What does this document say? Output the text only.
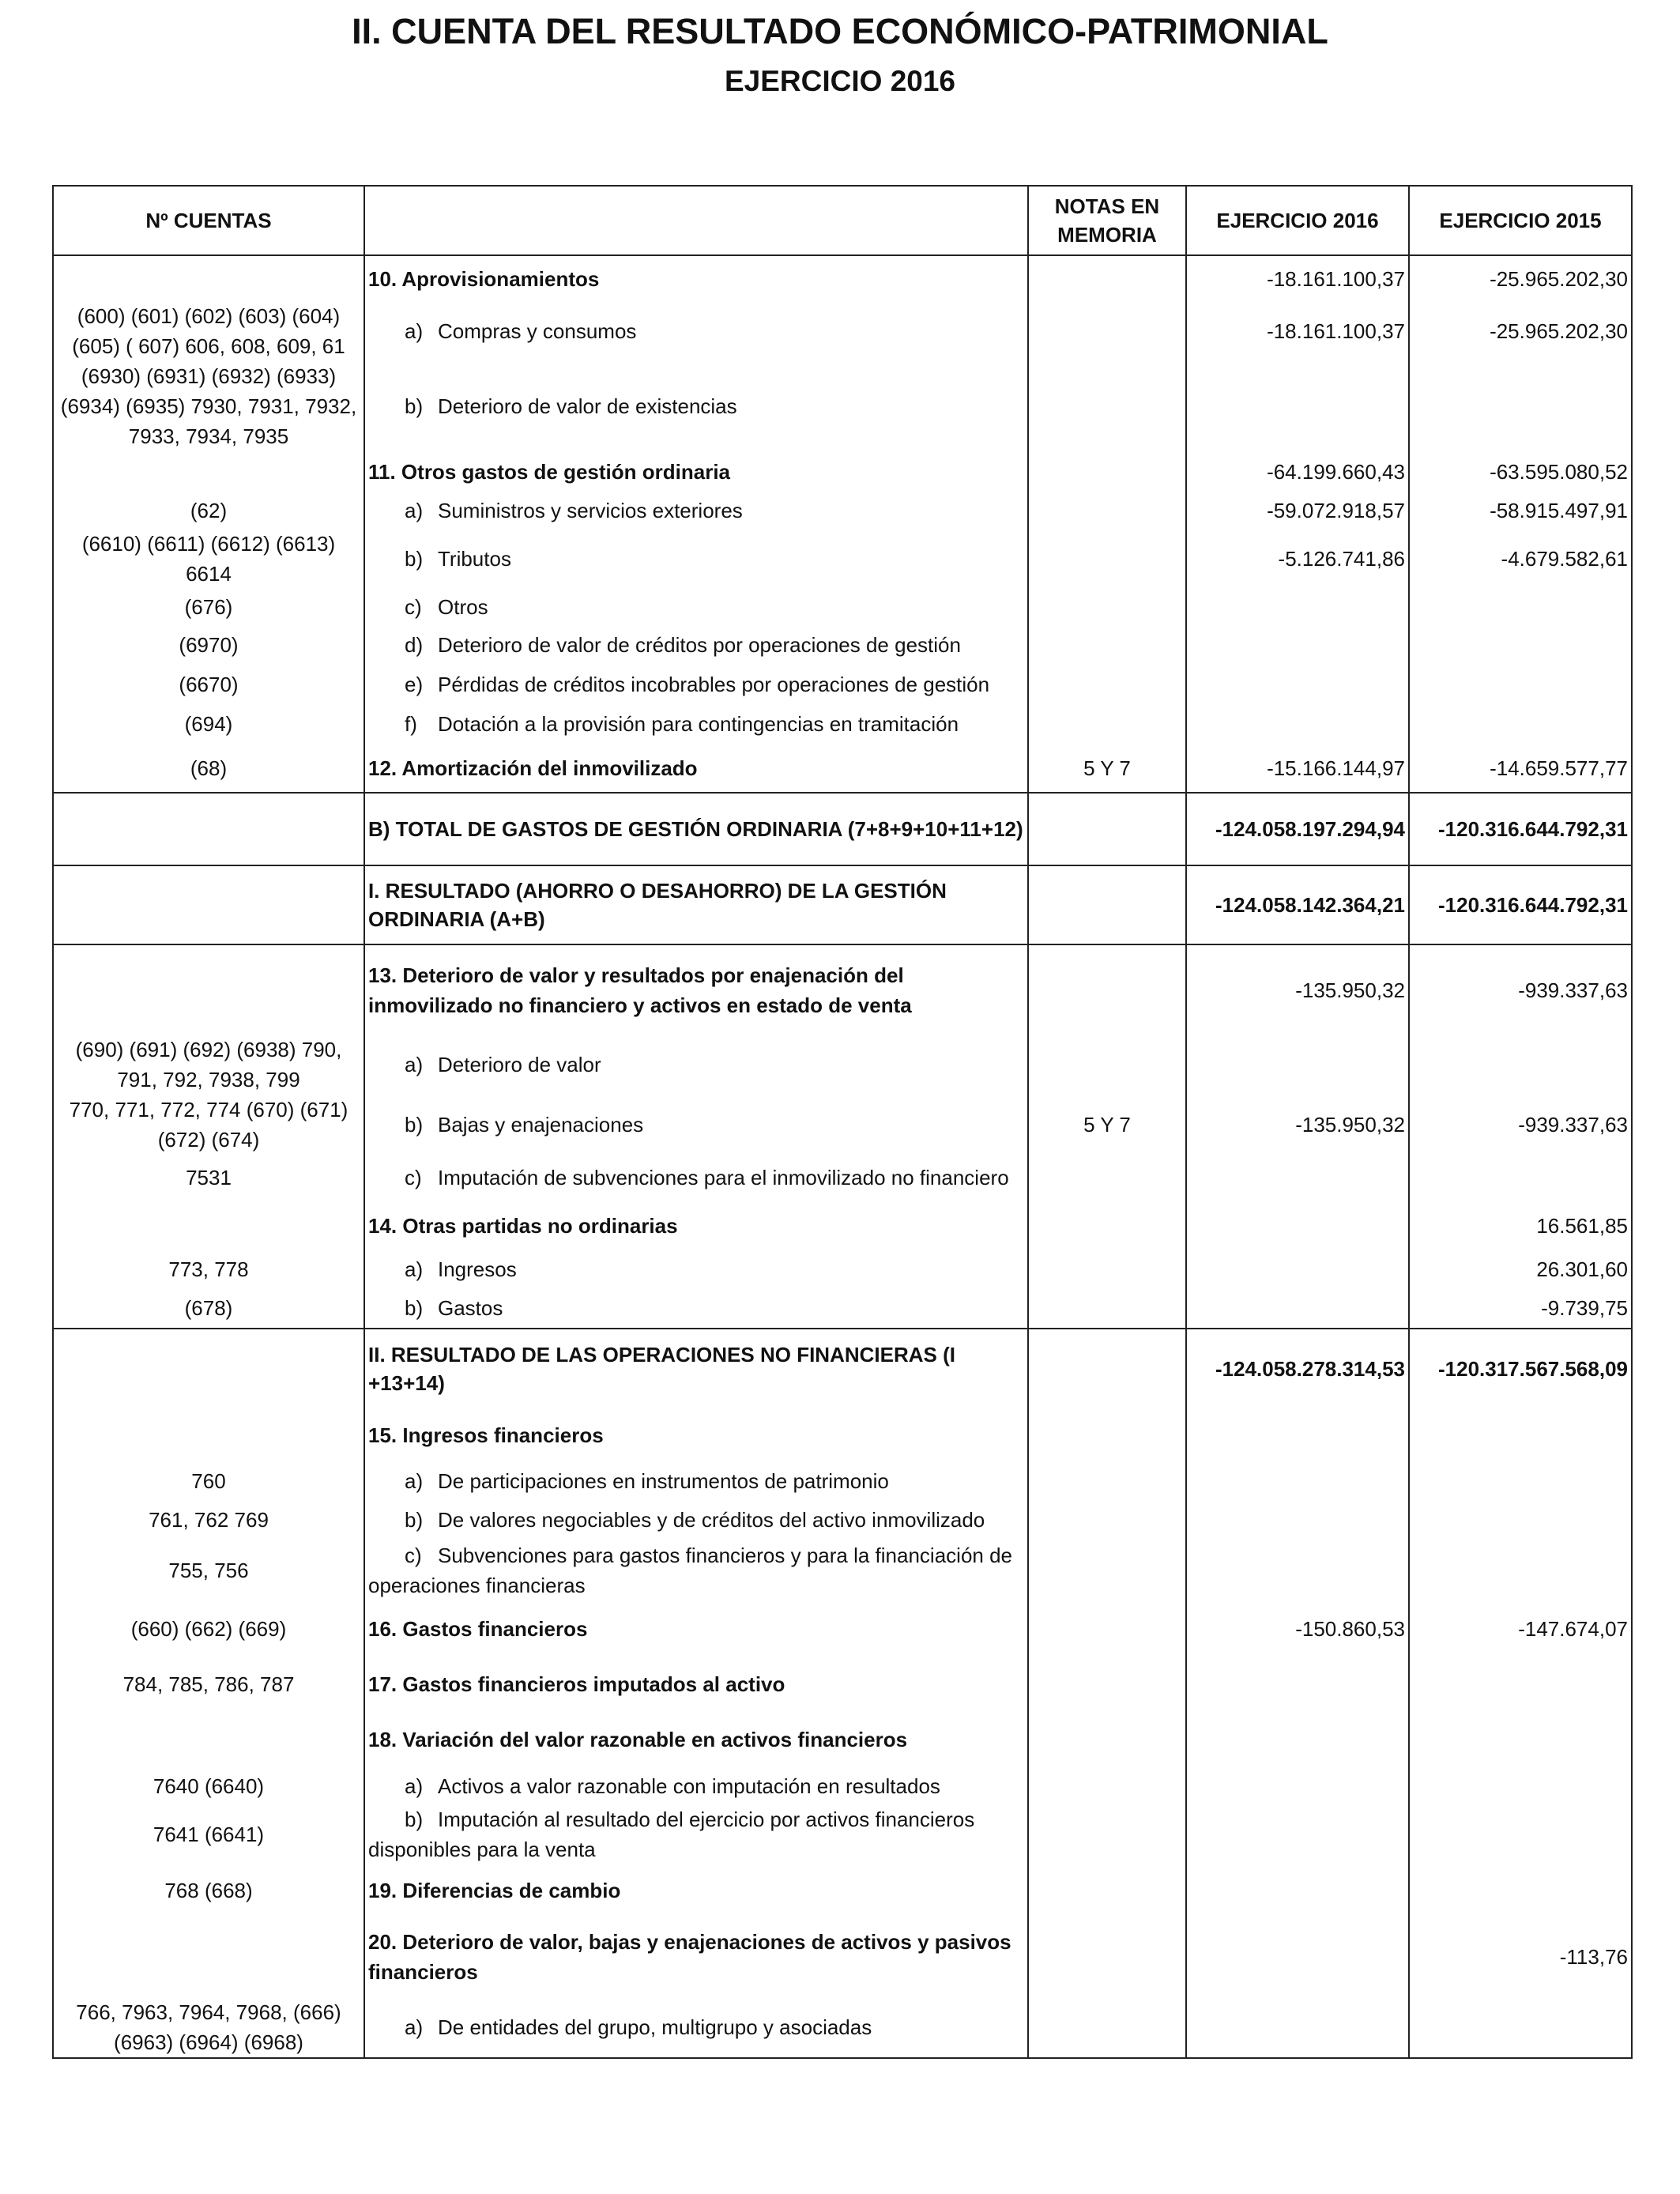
II. CUENTA DEL RESULTADO ECONÓMICO-PATRIMONIAL
EJERCICIO 2016
Nº CUENTAS		NOTAS EN MEMORIA	EJERCICIO 2016	EJERCICIO 2015
	10. Aprovisionamientos		-18.161.100,37	-25.965.202,30
(600) (601) (602) (603) (604) (605) ( 607) 606, 608, 609, 61	a) Compras y consumos		-18.161.100,37	-25.965.202,30
(6930) (6931) (6932) (6933) (6934) (6935) 7930, 7931, 7932, 7933, 7934, 7935	b) Deterioro de valor de existencias			
	11. Otros gastos de gestión ordinaria		-64.199.660,43	-63.595.080,52
(62)	a) Suministros y servicios exteriores		-59.072.918,57	-58.915.497,91
(6610) (6611) (6612) (6613) 6614	b) Tributos		-5.126.741,86	-4.679.582,61
(676)	c) Otros			
(6970)	d) Deterioro de valor de créditos por operaciones de gestión			
(6670)	e) Pérdidas de créditos incobrables por operaciones de gestión			
(694)	f) Dotación a la provisión para contingencias en tramitación			
(68)	12. Amortización del inmovilizado	5 Y 7	-15.166.144,97	-14.659.577,77
	B) TOTAL DE GASTOS DE GESTIÓN ORDINARIA (7+8+9+10+11+12)		-124.058.197.294,94	-120.316.644.792,31
	I. RESULTADO (AHORRO O DESAHORRO) DE LA GESTIÓN ORDINARIA (A+B)		-124.058.142.364,21	-120.316.644.792,31
	13. Deterioro de valor y resultados por enajenación del inmovilizado no financiero y activos en estado de venta		-135.950,32	-939.337,63
(690) (691) (692) (6938) 790, 791, 792, 7938, 799	a) Deterioro de valor			
770, 771, 772, 774 (670) (671) (672) (674)	b) Bajas y enajenaciones	5 Y 7	-135.950,32	-939.337,63
7531	c) Imputación de subvenciones para el inmovilizado no financiero			
	14. Otras partidas no ordinarias			16.561,85
773, 778	a) Ingresos			26.301,60
(678)	b) Gastos			-9.739,75
	II. RESULTADO DE LAS OPERACIONES NO FINANCIERAS (I +13+14)		-124.058.278.314,53	-120.317.567.568,09
	15. Ingresos financieros			
760	a) De participaciones en instrumentos de patrimonio			
761, 762 769	b) De valores negociables y de créditos del activo inmovilizado			
755, 756	c) Subvenciones para gastos financieros y para la financiación de operaciones financieras			
(660) (662) (669)	16. Gastos financieros		-150.860,53	-147.674,07
784, 785, 786, 787	17. Gastos financieros imputados al activo			
	18. Variación del valor razonable en activos financieros			
7640 (6640)	a) Activos a valor razonable con imputación en resultados			
7641 (6641)	b) Imputación al resultado del ejercicio por activos financieros disponibles para la venta			
768 (668)	19. Diferencias de cambio			
	20. Deterioro de valor, bajas y enajenaciones de activos y pasivos financieros			-113,76
766, 7963, 7964, 7968, (666) (6963) (6964) (6968)	a) De entidades del grupo, multigrupo y asociadas			
